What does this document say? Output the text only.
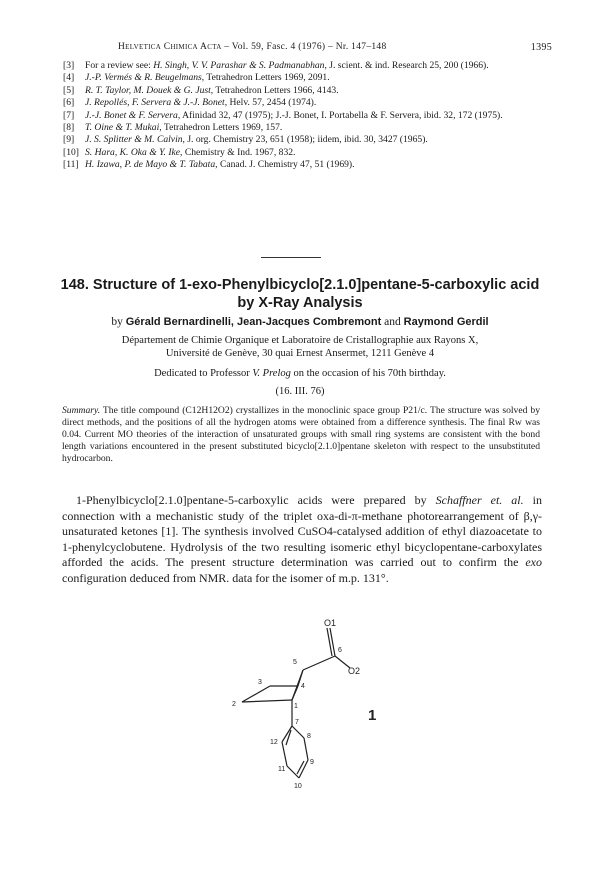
Helvetica Chimica Acta – Vol. 59, Fasc. 4 (1976) – Nr. 147–148	1395
[3]	For a review see: H. Singh, V. V. Parashar & S. Padmanabhan, J. scient. & ind. Research 25, 200 (1966).
[4]	J.-P. Vermés & R. Beugelmans, Tetrahedron Letters 1969, 2091.
[5]	R. T. Taylor, M. Douek & G. Just, Tetrahedron Letters 1966, 4143.
[6]	J. Repollés, F. Servera & J.-J. Bonet, Helv. 57, 2454 (1974).
[7]	J.-J. Bonet & F. Servera, Afinidad 32, 47 (1975); J.-J. Bonet, I. Portabella & F. Servera, ibid. 32, 172 (1975).
[8]	T. Oine & T. Mukai, Tetrahedron Letters 1969, 157.
[9]	J. S. Splitter & M. Calvin, J. org. Chemistry 23, 651 (1958); iidem, ibid. 30, 3427 (1965).
[10] S. Hara, K. Oka & Y. Ike, Chemistry & Ind. 1967, 832.
[11] H. Izawa, P. de Mayo & T. Tabata, Canad. J. Chemistry 47, 51 (1969).
148. Structure of 1-exo-Phenylbicyclo[2.1.0]pentane-5-carboxylic acid by X-Ray Analysis
by Gérald Bernardinelli, Jean-Jacques Combremont and Raymond Gerdil
Département de Chimie Organique et Laboratoire de Cristallographie aux Rayons X,
Université de Genève, 30 quai Ernest Ansermet, 1211 Genève 4
Dedicated to Professor V. Prelog on the occasion of his 70th birthday.
(16. III. 76)
Summary. The title compound (C12H12O2) crystallizes in the monoclinic space group P21/c. The structure was solved by direct methods, and the positions of all the hydrogen atoms were obtained from a difference synthesis. The final Rw was 0.04. Current MO theories of the interaction of unsaturated groups with small ring systems are consistent with the bond length variations encountered in the present substituted bicyclo[2.1.0]pentane skeleton with respect to the unsubstituted hydrocarbon.

1-Phenylbicyclo[2.1.0]pentane-5-carboxylic acids were prepared by Schaffner et. al. in connection with a mechanistic study of the triplet oxa-di-π-methane photorearrangement of β,γ-unsaturated ketones [1]. The synthesis involved CuSO4-catalysed addition of ethyl diazoacetate to 1-phenylcyclobutene. Hydrolysis of the two resulting isomeric ethyl bicyclopentane-carboxylates afforded the acids. The present structure determination was carried out to confirm the exo configuration deduced from NMR. data for the isomer of m.p. 131°.

O1
6
O2
5
3
4
2	1
7
8
12
9
11
10
1
